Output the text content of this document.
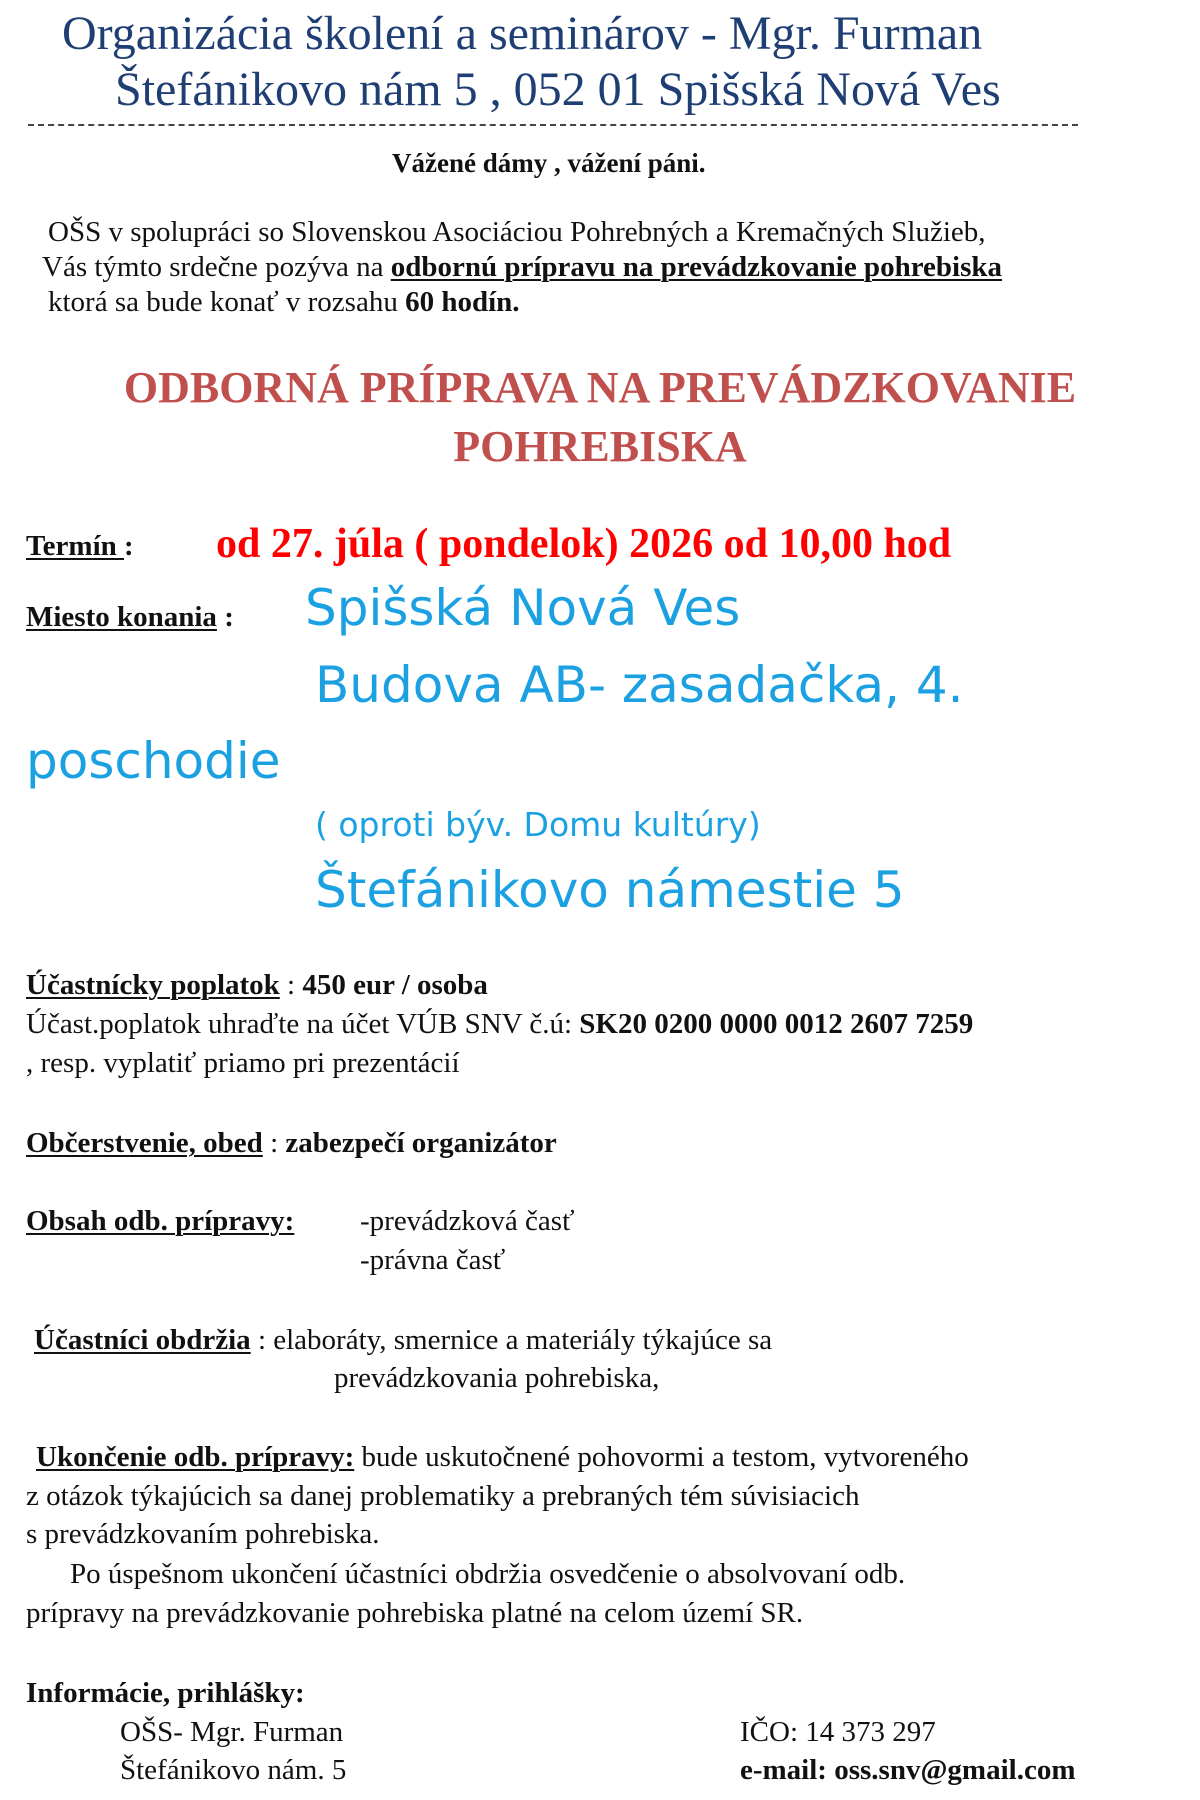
Organizácia školení a seminárov - Mgr. Furman

Štefánikovo nám 5 , 052 01 Spišská Nová Ves

Vážené dámy , vážení páni.

OŠS v spolupráci so Slovenskou Asociáciou Pohrebných a Kremačných Služieb,

Vás týmto srdečne pozýva na odbornú prípravu na prevádzkovanie pohrebiska

ktorá sa bude konať v rozsahu 60 hodín.

ODBORNÁ PRÍPRAVA NA PREVÁDZKOVANIE

POHREBISKA

Termín : od 27. júla ( pondelok) 2026 od 10,00 hod

Miesto konania : Spišská Nová Ves

Budova AB- zasadačka, 4.

poschodie

( oproti býv. Domu kultúry)

Štefánikovo námestie 5

Účastnícky poplatok : 450 eur / osoba

Účast.poplatok uhraďte na účet VÚB SNV č.ú: SK20 0200 0000 0012 2607 7259

, resp. vyplatiť priamo pri prezentácií

Občerstvenie, obed : zabezpečí organizátor

Obsah odb. prípravy: -prevádzková časť

-právna časť

Účastníci obdržia : elaboráty, smernice a materiály týkajúce sa

prevádzkovania pohrebiska,

Ukončenie odb. prípravy: bude uskutočnené pohovormi a testom, vytvoreného

z otázok týkajúcich sa danej problematiky a prebraných tém súvisiacich

s prevádzkovaním pohrebiska.

Po úspešnom ukončení účastníci obdržia osvedčenie o absolvovaní odb.

prípravy na prevádzkovanie pohrebiska platné na celom území SR.

Informácie, prihlášky:

OŠS- Mgr. Furman

Štefánikovo nám. 5

IČO: 14 373 297

e-mail: oss.snv@gmail.com
